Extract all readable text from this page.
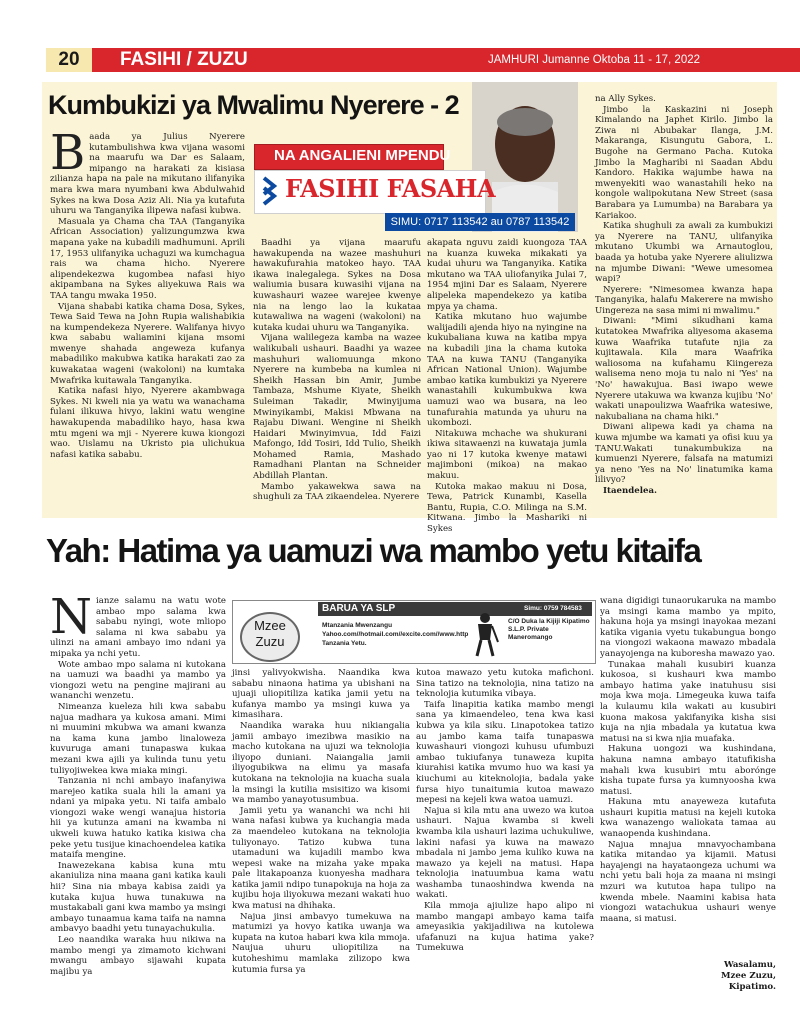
20	FASIHI / ZUZU	JAMHURI Jumanne Oktoba 11 - 17, 2022
Kumbukizi ya Mwalimu Nyerere - 2
NA ANGALIENI MPENDU
FASIHI FASAHA
SIMU: 0717 113542 au 0787 113542
B aada ya Julius Nyerere kutambulishwa kwa vijana wasomi na maarufu wa Dar es Salaam, mipango na harakati za kisiasa zilianza hapa na pale na mikutano ilifanyika mara kwa mara nyumbani kwa Abdulwahid Sykes na kwa Dosa Aziz Ali. Nia ya kutafuta uhuru wa Tanganyika ilipewa nafasi kubwa.

Masuala ya Chama cha TAA (Tanganyika African Association) yalizungumzwa kwa mapana yake na kubadili madhumuni. Aprili 17, 1953 ulifanyika uchaguzi wa kumchagua rais wa chama hicho. Nyerere alipendekezwa kugombea nafasi hiyo akipambana na Sykes aliyekuwa Rais wa TAA tangu mwaka 1950.

Vijana shababi katika chama Dosa, Sykes, Tewa Said Tewa na John Rupia walishabikia na kumpendekeza Nyerere. Walifanya hivyo kwa sababu waliamini kijana msomi mwenye shahada angeweza kufanya mabadiliko makubwa katika harakati zao za kuwakataa wageni (wakoloni) na kumtaka Mwafrika kuitawala Tanganyika.

Katika nafasi hiyo, Nyerere akambwaga Sykes. Ni kweli nia ya watu wa wanachama fulani ilikuwa hivyo, lakini watu wengine hawakupenda mabadiliko hayo, hasa kwa mtu mgeni wa mji - Nyerere kuwa kiongozi wao. Uislamu na Ukristo pia ulichukua nafasi katika sababu.

Baadhi ya vijana maarufu hawakupenda na wazee mashuhuri hawakufurahia matokeo hayo. TAA ikawa inalegalega. Sykes na Dosa waliumia busara kuwasihi vijana na kuwashauri wazee warejee kwenye nia na lengo lao la kukataa kutawaliwa na wageni (wakoloni) na kutaka kudai uhuru wa Tanganyika.

Vijana walilegeza kamba na wazee walikubali ushauri. Baadhi ya wazee mashuhuri waliomuunga mkono Nyerere na kumbeba na kumlea ni Sheikh Hassan bin Amir, Jumbe Tambaza, Mshume Kiyate, Sheikh Suleiman Takadir, Mwinyijuma Mwinyikambi, Makisi Mbwana na Rajabu Diwani. Wengine ni Sheikh Haidari Mwinyimvua, Idd Faizi Mafongo, Idd Tosiri, Idd Tulio, Sheikh Mohamed Ramia, Mashado Ramadhani Plantan na Schneider Abdillah Plantan.

Mambo yakawekwa sawa na shughuli za TAA zikaendelea. Nyerere

akapata nguvu zaidi kuongoza TAA na kuanza kuweka mikakati ya kudai uhuru wa Tanganyika. Katika mkutano wa TAA uliofanyika Julai 7, 1954 mjini Dar es Salaam, Nyerere alipeleka mapendekezo ya katiba mpya ya chama.

Katika mkutano huo wajumbe walijadili ajenda hiyo na nyingine na kukubaliana kuwa na katiba mpya na kubadili jina la chama kutoka TAA na kuwa TANU (Tanganyika African National Union). Wajumbe ambao katika kumbukizi ya Nyerere wanastahili kukumbukwa kwa uamuzi wao wa busara, na leo tunafurahia matunda ya uhuru na ukombozi.

Nitakuwa mchache wa shukurani ikiwa sitawaenzi na kuwataja jumla yao ni 17 kutoka kwenye matawi majimboni (mikoa) na makao makuu.

Kutoka makao makuu ni Dosa, Tewa, Patrick Kunambi, Kasella Bantu, Rupia, C.O. Milinga na S.M. Kitwana. Jimbo la Mashariki ni Sykes

na Ally Sykes.

Jimbo la Kaskazini ni Joseph Kimalando na Japhet Kirilo. Jimbo la Ziwa ni Abubakar Ilanga, J.M. Makaranga, Kisungutu Gabora, L. Bugohe na Germano Pacha. Kutoka Jimbo la Magharibi ni Saadan Abdu Kandoro. Hakika wajumbe hawa na mwenyekiti wao wanastahili heko na kongole walipokutana New Street (sasa Barabara ya Lumumba) na Barabara ya Kariakoo.

Katika shughuli za awali za kumbukizi ya Nyerere na TANU, ulifanyika mkutano Ukumbi wa Arnautoglou, baada ya hotuba yake Nyerere aliulizwa na mjumbe Diwani: "Wewe umesomea wapi?

Nyerere: "Nimesomea kwanza hapa Tanganyika, halafu Makerere na mwisho Uingereza na sasa mimi ni mwalimu."

Diwani: "Mimi sikudhani kama kutatokea Mwafrika aliyesoma akasema kuwa Waafrika tutafute njia za kujitawala. Kila mara Waafrika waliosoma na kufahamu Kiingereza walisema neno moja tu nalo ni 'Yes' na 'No' hawakujua. Basi iwapo wewe Nyerere utakuwa wa kwanza kujibu 'No' wakati unapoulizwa Waafrika watesiwe, nakubaliana na chama hiki."

Diwani alipewa kadi ya chama na kuwa mjumbe wa kamati ya ofisi kuu ya TANU.Wakati tunakumbukiza na kumuenzi Nyerere, falsafa na matumizi ya neno 'Yes na No' linatumika kama lilivyo?

Itaendelea.

Yah: Hatima ya uamuzi wa mambo yetu kitaifa
Mzee Zuzu
BARUA YA SLP	Simu: 0759 784583
Mtanzania Mwenzangu
Yahoo.com//hotmail.com//excite.com//www.http
Tanzania Yetu.
C/O Duka la Kijiji Kipatimo S.L.P. Private Maneromango
N ianze salamu na watu wote ambao mpo salama kwa sababu nyingi, wote mliopo salama ni kwa sababu ya ulinzi na amani ambayo imo ndani ya mipaka ya nchi yetu.

Wote ambao mpo salama ni kutokana na uamuzi wa baadhi ya mambo ya viongozi wetu na pengine majirani au wananchi wenzetu.

Nimeanza kueleza hili kwa sababu najua madhara ya kukosa amani. Mimi ni muumini mkubwa wa amani kwanza na kama kuna jambo linaloweza kuvuruga amani tunapaswa kukaa mezani kwa ajili ya kulinda tunu yetu tuliyojiwekea kwa miaka mingi.

Tanzania ni nchi ambayo inafanyiwa marejeo katika suala hili la amani ya ndani ya mipaka yetu. Ni taifa ambalo viongozi wake wengi wanajua historia hii ya kutunza amani na kwamba ni ukweli kuwa hatuko katika kisiwa cha peke yetu tusijue kinachoendelea katika mataifa mengine.

Inawezekana kabisa kuna mtu akaniuliza nina maana gani katika kauli hii? Sina nia mbaya kabisa zaidi ya kutaka kujua huwa tunakuwa na mustakabali gani kwa mambo ya msingi ambayo tunaamua kama taifa na namna ambavyo baadhi yetu tunayachukulia.

Leo naandika waraka huu nikiwa na mambo mengi ya zimamoto kichwani mwangu ambayo sijawahi kupata majibu ya

jinsi yalivyokwisha. Naandika kwa sababu ninaona hatima ya ubishani na ujuaji uliopitiliza katika jamii yetu na kufanya mambo ya msingi kuwa ya kimasihara.

Naandika waraka huu nikiangalia jamii ambayo imezibwa masikio na macho kutokana na ujuzi wa teknolojia iliyopo duniani. Naiangalia jamii iliyogubikwa na elimu ya masafa kutokana na teknolojia na kuacha suala la msingi la kutilia msisitizo wa kisomi wa mambo yanayotusumbua.

Jamii yetu ya wananchi wa nchi hii wana nafasi kubwa ya kuchangia mada za maendeleo kutokana na teknolojia tuliyonayo. Tatizo kubwa tuna utamaduni wa kujadili mambo kwa wepesi wake na mizaha yake mpaka pale litakapoanza kuonyesha madhara katika jamii ndipo tunapokuja na hoja za kujibu hoja iliyokuwa mezani wakati huo kwa matusi na dhihaka.

Najua jinsi ambavyo tumekuwa na matumizi ya hovyo katika uwanja wa kupata na kutoa habari kwa kila mmoja. Naujua uhuru uliopitiliza na kutoheshimu mamlaka zilizopo kwa kutumia fursa ya

kutoa mawazo yetu kutoka mafichoni. Sina tatizo na teknolojia, nina tatizo na teknolojia kutumika vibaya.

Taifa linapitia katika mambo mengi sana ya kimaendeleo, tena kwa kasi kubwa ya kila siku. Linapotokea tatizo au jambo kama taifa tunapaswa kuwashauri viongozi kuhusu ufumbuzi ambao tukiufanya tunaweza kupita kiurahisi katika mvumo huo wa kasi ya kiuchumi au kiteknolojia, badala yake fursa hiyo tunaitumia kutoa mawazo mepesi na kejeli kwa watoa uamuzi.

Najua si kila mtu ana uwezo wa kutoa ushauri. Najua kwamba si kweli kwamba kila ushauri lazima uchukuliwe, lakini nafasi ya kuwa na mawazo mbadala ni jambo jema kuliko kuwa na mawazo ya kejeli na matusi. Hapa teknolojia inatuumbua kama watu washamba tunaoshindwa kwenda na wakati.

Kila mmoja ajiulize hapo alipo ni mambo mangapi ambayo kama taifa ameyasikia yakijadiliwa na kutolewa ufafanuzi na kujua hatima yake? Tumekuwa

wana digidigi tunaorukaruka na mambo ya msingi kama mambo ya mpito, hakuna hoja ya msingi inayokaa mezani katika vigania vyetu tukabungua bongo na viongozi wakaona mawazo mbadala yanayojenga na kuboresha mawazo yao.

Tunakaa mahali kusubiri kuanza kukosoa, si kushauri kwa mambo ambayo hatima yake inatuhusu sisi moja kwa moja. Limegeuka kuwa taifa la kulaumu kila wakati au kusubiri kuona makosa yakifanyika kisha sisi kuja na njia mbadala ya kutatua kwa matusi na si kwa njia muafaka.

Hakuna uongozi wa kushindana, hakuna namna ambayo itatufikisha mahali kwa kusubiri mtu aborónge kisha tupate fursa ya kumnyoosha kwa matusi.

Hakuna mtu anayeweza kutafuta ushauri kupitia matusi na kejeli kutoka kwa wanazengo waliokata tamaa au wanaopenda kushindana.

Najua mnajua mnavyochambana katika mitandao ya kijamii. Matusi hayajengi na hayataongeza uchumi wa nchi yetu bali hoja za maana ni msingi mzuri wa kututoa hapa tulipo na kwenda mbele. Naamini kabisa hata viongozi watachukua ushauri wenye maana, si matusi.

Wasalamu,
Mzee Zuzu,
Kipatimo.
